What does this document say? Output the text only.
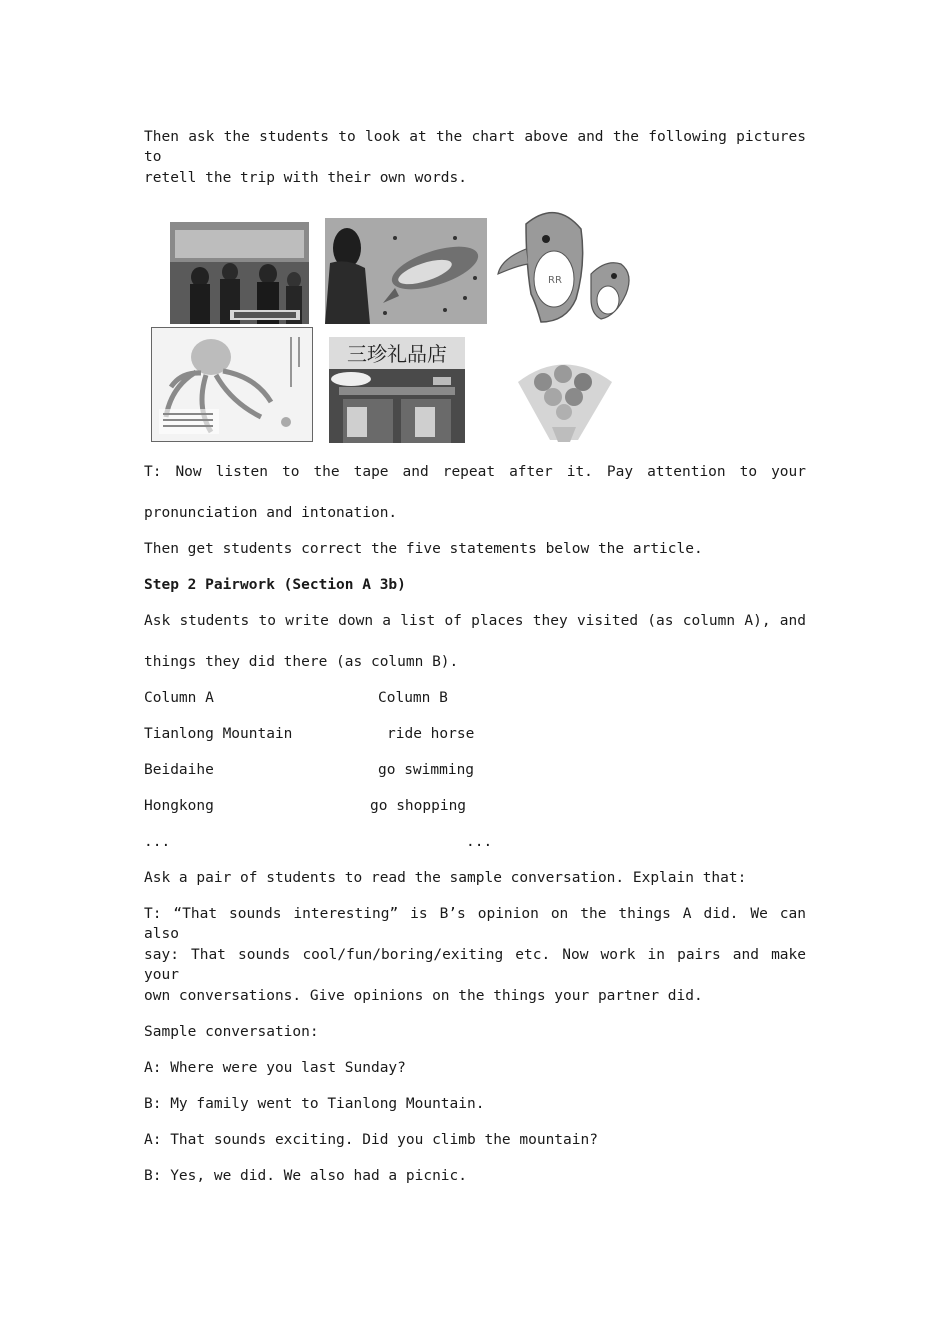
Then ask the students to look at the chart above and the following pictures to
retell the trip with their own words.
RR
三珍礼品店
T: Now listen to the tape and repeat after it. Pay attention to your
pronunciation and intonation.
Then get students correct the five statements below the article.
Step 2 Pairwork (Section A 3b)
Ask students to write down a list of places they visited (as column A), and
things they did there (as column B).
Column A	Column B
Tianlong Mountain	ride horse
Beidaihe	go swimming
Hongkong	go shopping
...	...
Ask a pair of students to read the sample conversation. Explain that:
T: “That sounds interesting” is B’s opinion on the things A did. We can also
say: That sounds cool/fun/boring/exiting etc. Now work in pairs and make your
own conversations. Give opinions on the things your partner did.
Sample conversation:
A: Where were you last Sunday?
B: My family went to Tianlong Mountain.
A: That sounds exciting. Did you climb the mountain?
B: Yes, we did. We also had a picnic.
